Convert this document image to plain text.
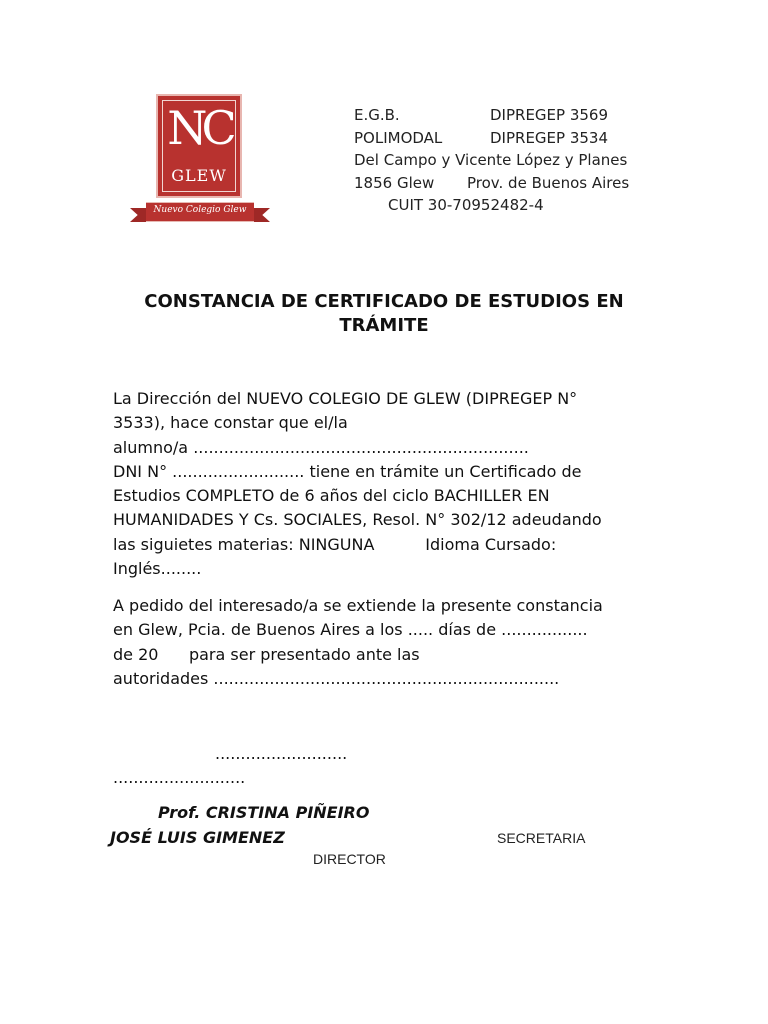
NC
GLEW
Nuevo Colegio Glew
E.G.B.	DIPREGEP 3569
POLIMODAL	DIPREGEP 3534
Del Campo y Vicente López y Planes
1856 Glew Prov. de Buenos Aires
CUIT 30-70952482-4
CONSTANCIA DE CERTIFICADO DE ESTUDIOS EN
TRÁMITE
La Dirección del NUEVO COLEGIO DE GLEW (DIPREGEP N°
3533), hace constar que el/la
alumno/a ..................................................................
DNI N° .......................... tiene en trámite un Certificado de
Estudios COMPLETO de 6 años del ciclo BACHILLER EN
HUMANIDADES Y Cs. SOCIALES, Resol. N° 302/12 adeudando
las siguietes materias: NINGUNA          Idioma Cursado:
Inglés........
A pedido del interesado/a se extiende la presente constancia
en Glew, Pcia. de Buenos Aires a los ..... días de .................
de 20      para ser presentado ante las
autoridades ....................................................................
..........................
..........................
Prof. CRISTINA PIÑEIRO
JOSÉ LUIS GIMENEZ	SECRETARIA
DIRECTOR
